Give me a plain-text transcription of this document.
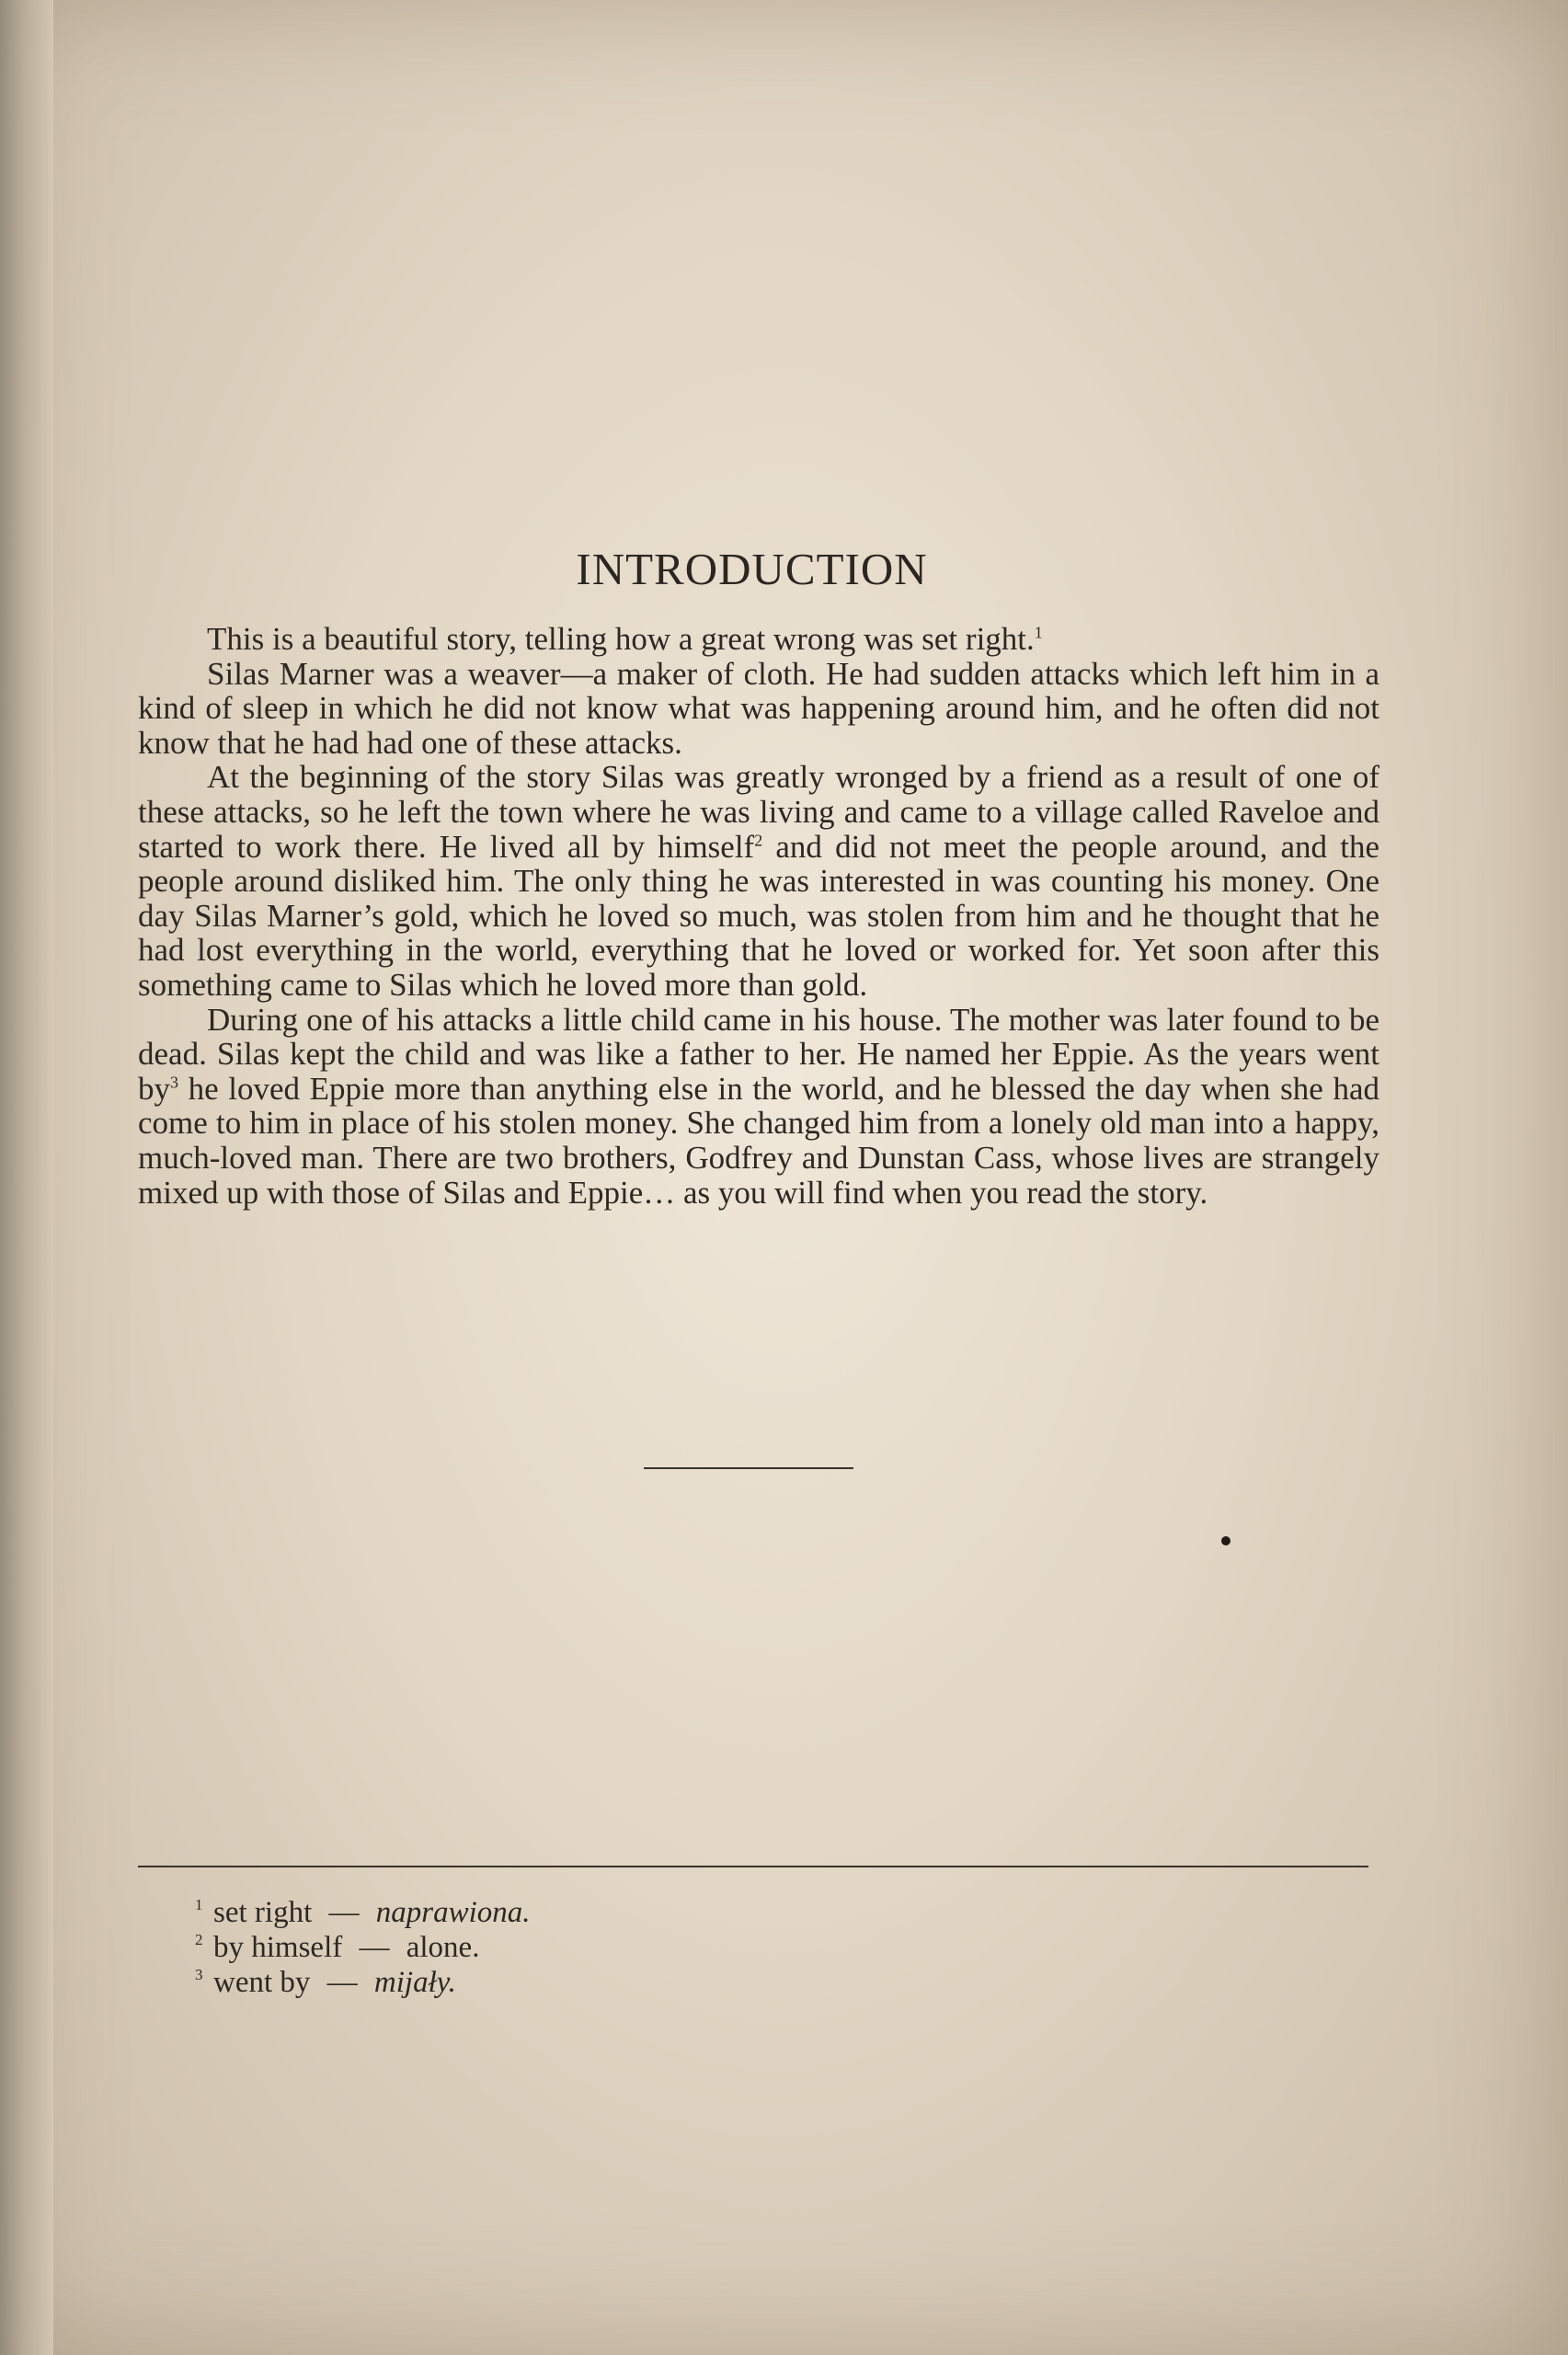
INTRODUCTION

This is a beautiful story, telling how a great wrong was set right.$^1$

Silas Marner was a weaver—a maker of cloth. He had sudden attacks which left him in a kind of sleep in which he did not know what was happening around him, and he often did not know that he had had one of these attacks.

At the beginning of the story Silas was greatly wronged by a friend as a result of one of these attacks, so he left the town where he was living and came to a village called Raveloe and started to work there. He lived all by himself$^2$ and did not meet the people around, and the people around disliked him. The only thing he was interested in was counting his money. One day Silas Marner’s gold, which he loved so much, was stolen from him and he thought that he had lost everything in the world, everything that he loved or worked for. Yet soon after this something came to Silas which he loved more than gold.

During one of his attacks a little child came in his house. The mother was later found to be dead. Silas kept the child and was like a father to her. He named her Eppie. As the years went by$^3$ he loved Eppie more than anything else in the world, and he blessed the day when she had come to him in place of his stolen money. She changed him from a lonely old man into a happy, much-loved man. There are two brothers, Godfrey and Dunstan Cass, whose lives are strangely mixed up with those of Silas and Eppie… as you will find when you read the story.

1 set right — naprawiona.
2 by himself — alone.
3 went by — mijały.
